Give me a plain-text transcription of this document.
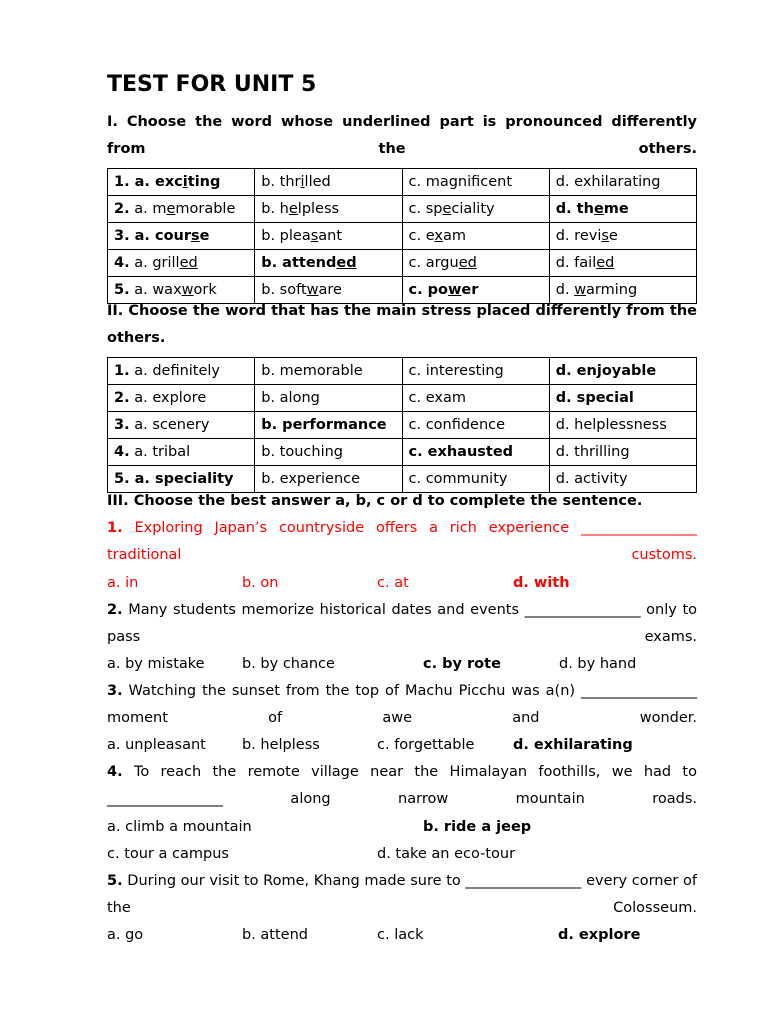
TEST FOR UNIT 5
I. Choose the word whose underlined part is pronounced differently from the others.
1. a. exciting	b. thrilled	c. magnificent	d. exhilarating
2. a. memorable	b. helpless	c. speciality	d. theme
3. a. course	b. pleasant	c. exam	d. revise
4. a. grilled	b. attended	c. argued	d. failed
5. a. waxwork	b. software	c. power	d. warming
II. Choose the word that has the main stress placed differently from the others.
1. a. definitely	b. memorable	c. interesting	d. enjoyable
2. a. explore	b. along	c. exam	d. special
3. a. scenery	b. performance	c. confidence	d. helplessness
4. a. tribal	b. touching	c. exhausted	d. thrilling
5. a. speciality	b. experience	c. community	d. activity
III. Choose the best answer a, b, c or d to complete the sentence.
1. Exploring Japan’s countryside offers a rich experience ________________ traditional customs.
a. in	b. on	c. at	d. with
2. Many students memorize historical dates and events ________________ only to pass exams.
a. by mistake	b. by chance	c. by rote	d. by hand
3. Watching the sunset from the top of Machu Picchu was a(n) ________________ moment of awe and wonder.
a. unpleasant b. helpless	c. forgettable	d. exhilarating
4. To reach the remote village near the Himalayan foothills, we had to ________________ along narrow mountain roads.
a. climb a mountain	b. ride a jeep
c. tour a campus	d. take an eco-tour
5. During our visit to Rome, Khang made sure to ________________ every corner of the Colosseum.
a. go	b. attend	c. lack	d. explore
